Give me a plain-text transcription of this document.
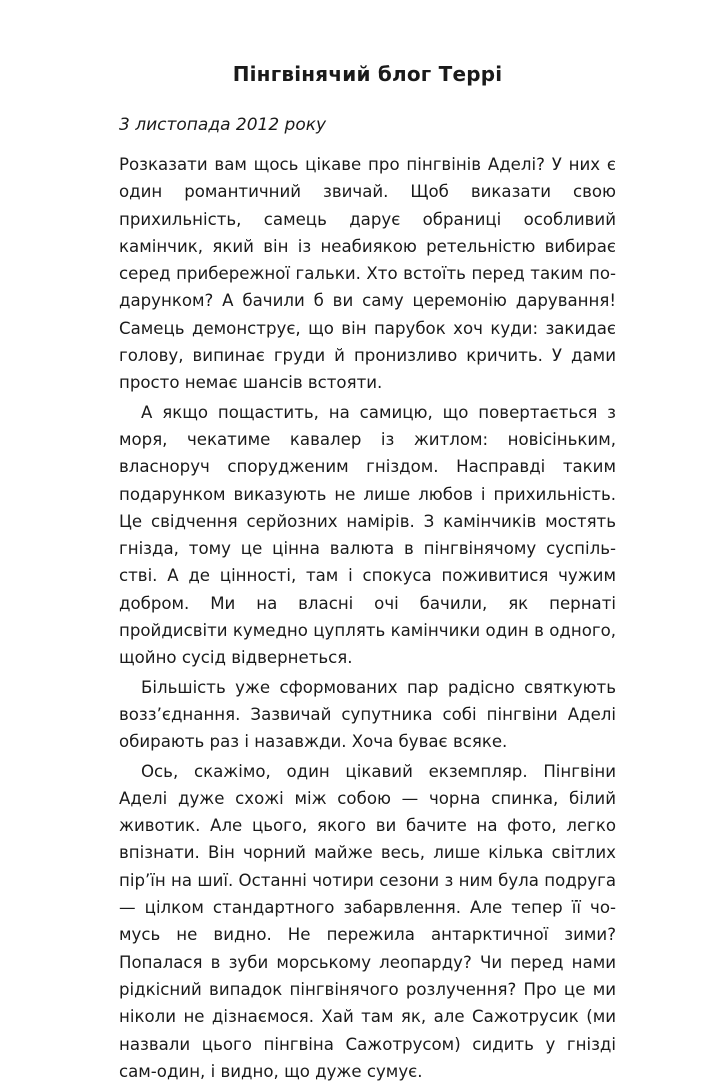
Пінгвінячий блог Террі

3 листопада 2012 року

Розказати вам щось цікаве про пінгвінів Аделі? У них є один романтичний звичай. Щоб виказати свою прихильність, самець дарує обраниці особливий камінчик, який він із неабиякою ретельністю вибирає серед прибережної гальки. Хто встоїть перед таким подарунком? А бачили б ви саму церемонію дарування! Самець демонструє, що він парубок хоч куди: закидає голову, випинає груди й пронизливо кричить. У дами просто немає шансів встояти.

А якщо пощастить, на самицю, що повертається з моря, чекатиме кавалер із житлом: новісіньким, власноруч спорудженим гніздом. Насправді таким подарунком виказують не лише любов і прихильність. Це свідчення серйозних намірів. З камінчиків мостять гнізда, тому це цінна валюта в пінгвінячому суспільстві. А де цінності, там і спокуса поживитися чужим добром. Ми на власні очі бачили, як пернаті пройдисвіти кумедно цуплять камінчики один в одного, щойно сусід відвернеться.

Більшість уже сформованих пар радісно святкують возз’єднання. Зазвичай супутника собі пінгвіни Аделі обирають раз і назавжди. Хоча буває всяке.

Ось, скажімо, один цікавий екземпляр. Пінгвіни Аделі дуже схожі між собою — чорна спинка, білий животик. Але цього, якого ви бачите на фото, легко впізнати. Він чорний майже весь, лише кілька світлих пір’їн на шиї. Останні чотири сезони з ним була подруга — цілком стандартного забарвлення. Але тепер її чомусь не видно. Не пережила антарктичної зими? Попалася в зуби морському леопарду? Чи перед нами рідкісний випадок пінгвінячого розлучення? Про це ми ніколи не дізнаємося. Хай там як, але Сажотрусик (ми назвали цього пінгвіна Сажотрусом) сидить у гнізді сам-один, і видно, що дуже сумує.
